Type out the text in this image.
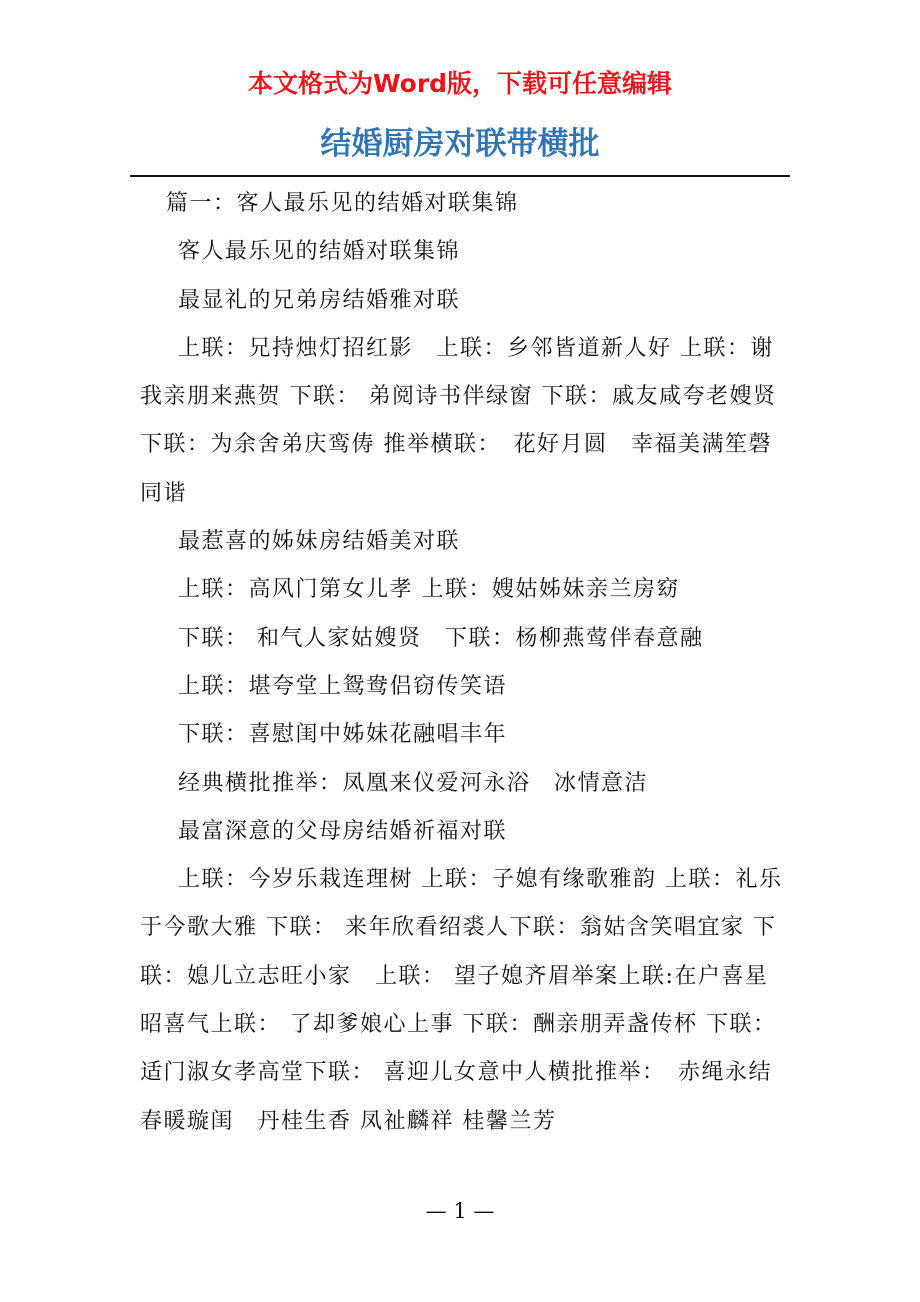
本文格式为Word版，下载可任意编辑
结婚厨房对联带横批

篇一：客人最乐见的结婚对联集锦

客人最乐见的结婚对联集锦

最显礼的兄弟房结婚雅对联

上联：兄持烛灯招红影　上联：乡邻皆道新人好 上联：谢我亲朋来燕贺 下联： 弟阅诗书伴绿窗 下联：戚友咸夸老嫂贤 下联：为余舍弟庆鸾俦 推举横联：　花好月圆　幸福美满笙磬同谐

最惹喜的姊妹房结婚美对联

上联：高风门第女儿孝 上联：嫂姑姊妹亲兰房窈

下联： 和气人家姑嫂贤　下联：杨柳燕莺伴春意融

上联：堪夸堂上鸳鸯侣窃传笑语

下联：喜慰闺中姊妹花融唱丰年

经典横批推举：凤凰来仪爱河永浴　冰情意洁

最富深意的父母房结婚祈福对联

上联：今岁乐栽连理树 上联：子媳有缘歌雅韵 上联：礼乐于今歌大雅 下联： 来年欣看绍裘人下联：翁姑含笑唱宜家 下联：媳儿立志旺小家　上联： 望子媳齐眉举案上联:在户喜星昭喜气上联： 了却爹娘心上事 下联：酬亲朋弄盏传杯 下联： 适门淑女孝高堂下联： 喜迎儿女意中人横批推举：　赤绳永结　春暖璇闺　丹桂生香 凤祉麟祥 桂馨兰芳

— 1 —
